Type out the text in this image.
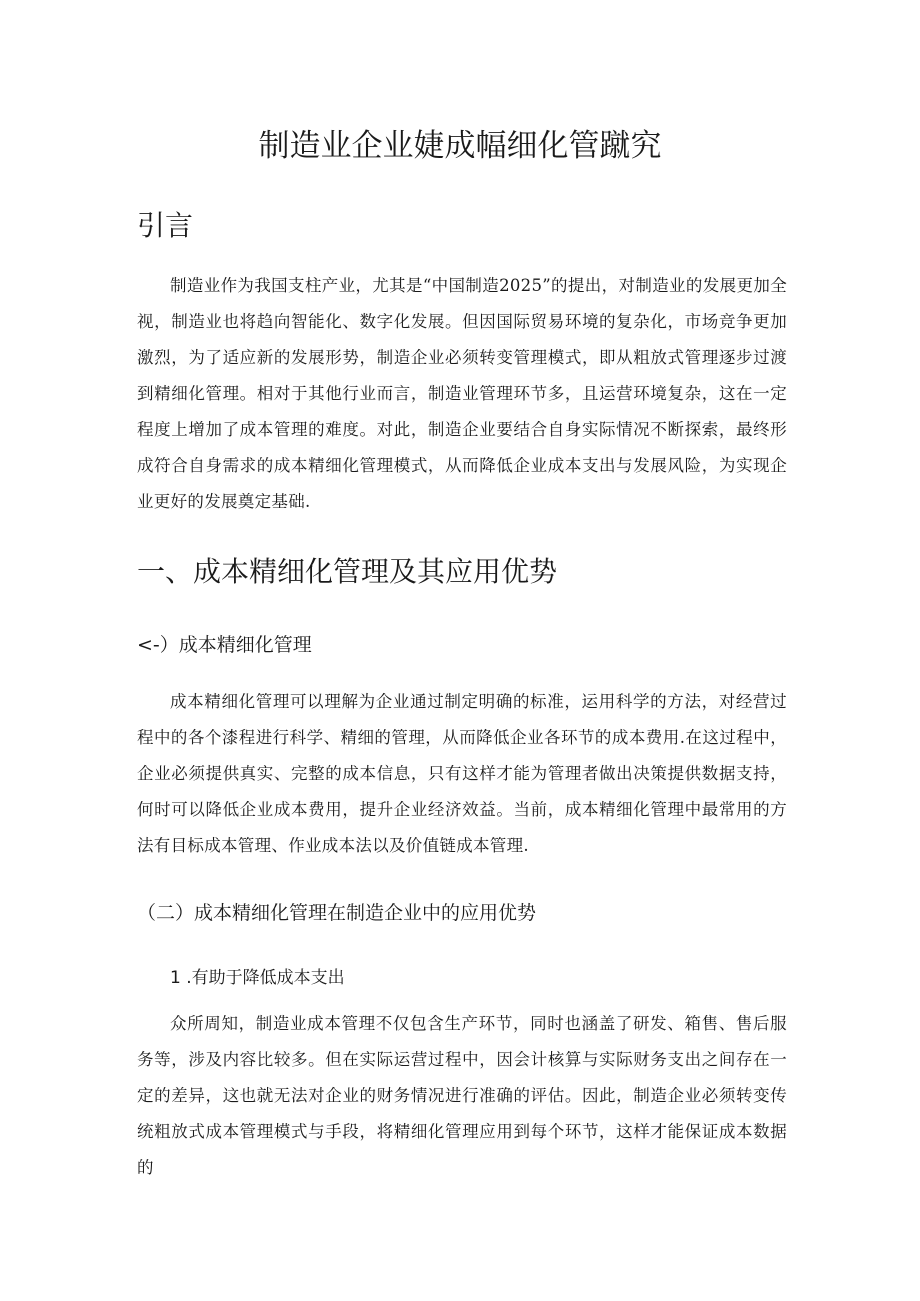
制造业企业婕成幅细化管蹴究
引言

制造业作为我国支柱产业，尤其是“中国制造2025”的提出，对制造业的发展更加全视，制造业也将趋向智能化、数字化发展。但因国际贸易环境的复杂化，市场竞争更加激烈，为了适应新的发展形势，制造企业必须转变管理模式，即从粗放式管理逐步过渡到精细化管理。相对于其他行业而言，制造业管理环节多，且运营环境复杂，这在一定程度上增加了成本管理的难度。对此，制造企业要结合自身实际情况不断探索，最终形成符合自身需求的成本精细化管理模式，从而降低企业成本支出与发展风险，为实现企业更好的发展奠定基础.

一、成本精细化管理及其应用优势
<-）成本精细化管理

成本精细化管理可以理解为企业通过制定明确的标准，运用科学的方法，对经营过程中的各个漆程进行科学、精细的管理，从而降低企业各环节的成本费用.在这过程中，企业必须提供真实、完整的成本信息，只有这样才能为管理者做出决策提供数据支持，何时可以降低企业成本费用，提升企业经济效益。当前，成本精细化管理中最常用的方法有目标成本管理、作业成本法以及价值链成本管理.

（二）成本精细化管理在制造企业中的应用优势
1 .有助于降低成本支出

众所周知，制造业成本管理不仅包含生产环节，同时也涵盖了研发、箱售、售后服务等，涉及内容比较多。但在实际运营过程中，因会计核算与实际财务支出之间存在一定的差异，这也就无法对企业的财务情况进行准确的评估。因此，制造企业必须转变传统粗放式成本管理模式与手段，将精细化管理应用到每个环节，这样才能保证成本数据的
